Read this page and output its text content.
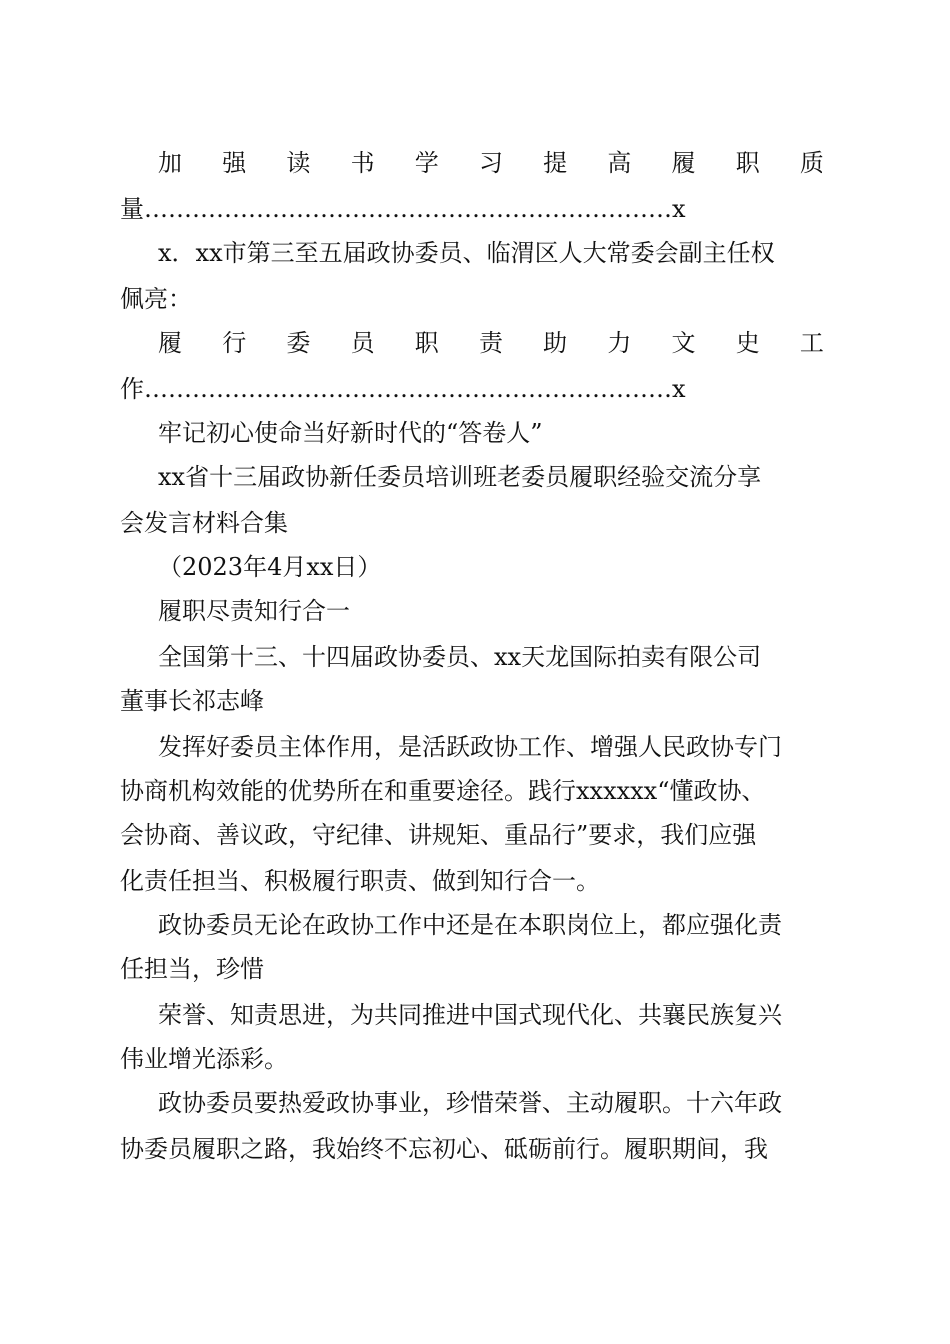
加 强 读 书 学 习 提 高 履 职 质
量 ………………………………………………………… x
x．xx市第三至五届政协委员、临渭区人大常委会副主任权
佩亮：
履 行 委 员 职 责 助 力 文 史 工
作 ………………………………………………………… x
牢记初心使命当好新时代的“答卷人”
xx省十三届政协新任委员培训班老委员履职经验交流分享
会发言材料合集
（2023年4月xx日）
履职尽责知行合一
全国第十三、十四届政协委员、xx天龙国际拍卖有限公司
董事长祁志峰
发挥好委员主体作用，是活跃政协工作、增强人民政协专门
协商机构效能的优势所在和重要途径。践行xxxxxx“懂政协、
会协商、善议政，守纪律、讲规矩、重品行”要求，我们应强
化责任担当、积极履行职责、做到知行合一。
政协委员无论在政协工作中还是在本职岗位上，都应强化责
任担当，珍惜
荣誉、知责思进，为共同推进中国式现代化、共襄民族复兴
伟业增光添彩。
政协委员要热爱政协事业，珍惜荣誉、主动履职。十六年政
协委员履职之路，我始终不忘初心、砥砺前行。履职期间，我
